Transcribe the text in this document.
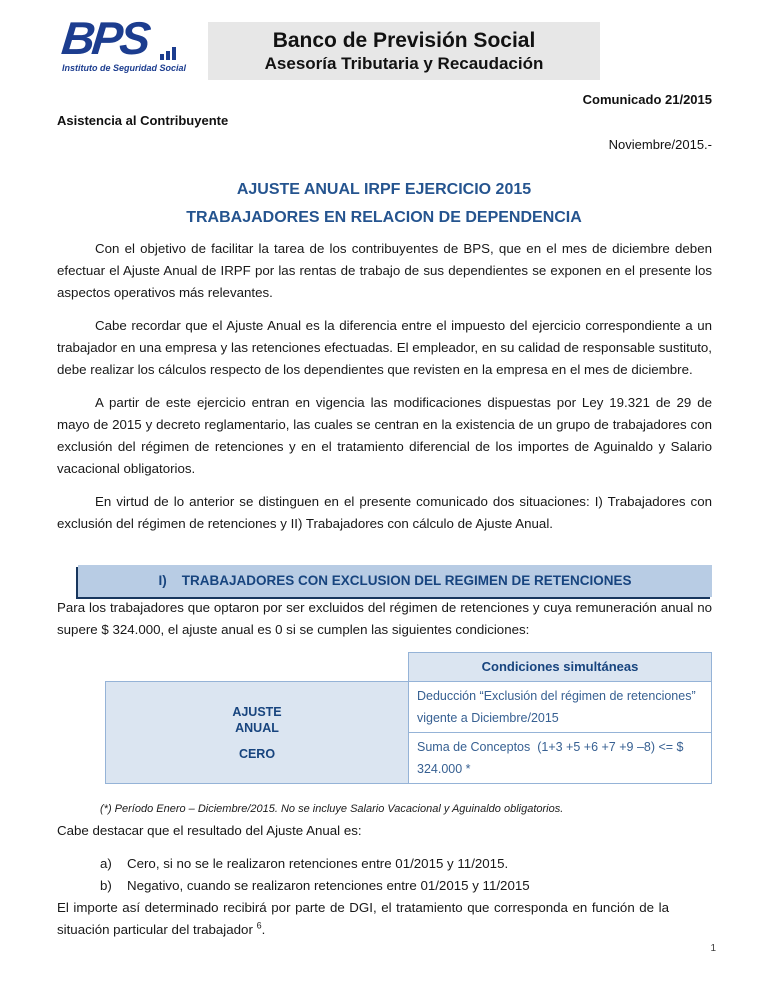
BPS
Instituto de Seguridad Social
Banco de Previsión Social
Asesoría Tributaria y Recaudación
Comunicado 21/2015
Asistencia al Contribuyente
Noviembre/2015.-
AJUSTE ANUAL IRPF EJERCICIO 2015
TRABAJADORES EN RELACION DE DEPENDENCIA

Con el objetivo de facilitar la tarea de los contribuyentes de BPS, que en el mes de diciembre deben efectuar el Ajuste Anual de IRPF por las rentas de trabajo de sus dependientes se exponen en el presente los aspectos operativos más relevantes.

Cabe recordar que el Ajuste Anual es la diferencia entre el impuesto del ejercicio correspondiente a un trabajador en una empresa y las retenciones efectuadas. El empleador, en su calidad de responsable sustituto, debe realizar los cálculos respecto de los dependientes que revisten en la empresa en el mes de diciembre.

A partir de este ejercicio entran en vigencia las modificaciones dispuestas por Ley 19.321 de 29 de mayo de 2015 y decreto reglamentario, las cuales se centran en la existencia de un grupo de trabajadores con exclusión del régimen de retenciones y en el tratamiento diferencial de los importes de Aguinaldo y Salario vacacional obligatorios.

En virtud de lo anterior se distinguen en el presente comunicado dos situaciones: I) Trabajadores con exclusión del régimen de retenciones y II) Trabajadores con cálculo de Ajuste Anual.

I)    TRABAJADORES CON EXCLUSION DEL REGIMEN DE RETENCIONES

Para los trabajadores que optaron por ser excluidos del régimen de retenciones y cuya remuneración anual no supere $ 324.000, el ajuste anual es 0 si se cumplen las siguientes condiciones:

	Condiciones simultáneas

AJUSTE
ANUAL
CERO	Deducción “Exclusión del régimen de retenciones” vigente a Diciembre/2015
	Suma de Conceptos  (1+3 +5 +6 +7 +9 –8) <= $ 324.000 *
(*) Período Enero – Diciembre/2015. No se incluye Salario Vacacional y Aguinaldo obligatorios.

Cabe destacar que el resultado del Ajuste Anual es:

a)	Cero, si no se le realizaron retenciones entre 01/2015 y 11/2015.
b)	Negativo, cuando se realizaron retenciones entre 01/2015 y 11/2015

El importe así determinado recibirá por parte de DGI, el tratamiento que corresponda en función de la situación particular del trabajador $^6$.

1
